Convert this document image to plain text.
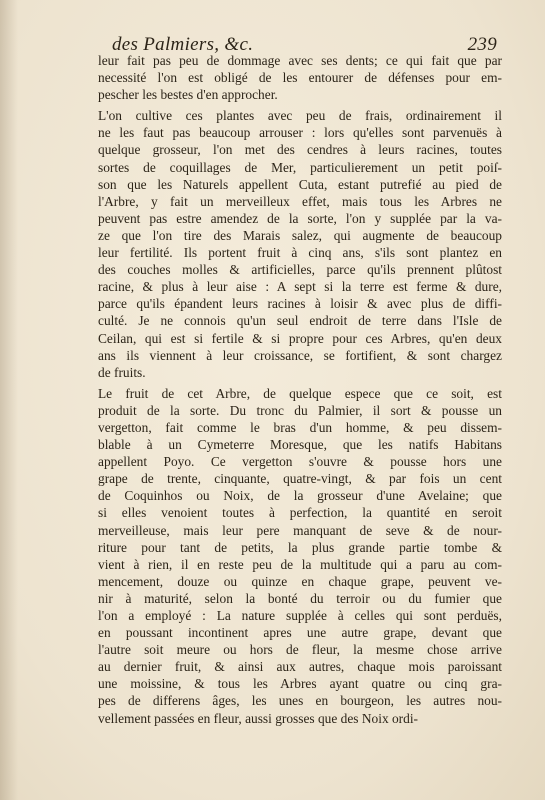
des Palmiers, &c.	239
leur fait pas peu de dommage avec ses dents; ce qui fait que par
necessité l'on est obligé de les entourer de défenses pour em-
pescher les bestes d'en approcher.
L'on cultive ces plantes avec peu de frais, ordinairement il
ne les faut pas beaucoup arrouser : lors qu'elles sont parvenuës à
quelque grosseur, l'on met des cendres à leurs racines, toutes
sortes de coquillages de Mer, particulierement un petit poiſ-
son que les Naturels appellent Cuta, estant putrefié au pied de
l'Arbre, y fait un merveilleux effet, mais tous les Arbres ne
peuvent pas estre amendez de la sorte, l'on y supplée par la va-
ze que l'on tire des Marais salez, qui augmente de beaucoup
leur fertilité. Ils portent fruit à cinq ans, s'ils sont plantez en
des couches molles & artificielles, parce qu'ils prennent plûtost
racine, & plus à leur aise : A sept si la terre est ferme & dure,
parce qu'ils épandent leurs racines à loisir & avec plus de diffi-
culté. Je ne connois qu'un seul endroit de terre dans l'Isle de
Ceilan, qui est si fertile & si propre pour ces Arbres, qu'en deux
ans ils viennent à leur croissance, se fortifient, & sont chargez
de fruits.
Le fruit de cet Arbre, de quelque espece que ce soit, est
produit de la sorte. Du tronc du Palmier, il sort & pousse un
vergetton, fait comme le bras d'un homme, & peu dissem-
blable à un Cymeterre Moresque, que les natifs Habitans
appellent Poyo. Ce vergetton s'ouvre & pousse hors une
grape de trente, cinquante, quatre-vingt, & par fois un cent
de Coquinhos ou Noix, de la grosseur d'une Avelaine; que
si elles venoient toutes à perfection, la quantité en seroit
merveilleuse, mais leur pere manquant de seve & de nour-
riture pour tant de petits, la plus grande partie tombe &
vient à rien, il en reste peu de la multitude qui a paru au com-
mencement, douze ou quinze en chaque grape, peuvent ve-
nir à maturité, selon la bonté du terroir ou du fumier que
l'on a employé : La nature supplée à celles qui sont perduës,
en poussant incontinent apres une autre grape, devant que
l'autre soit meure ou hors de fleur, la mesme chose arrive
au dernier fruit, & ainsi aux autres, chaque mois paroissant
une moissine, & tous les Arbres ayant quatre ou cinq gra-
pes de differens âges, les unes en bourgeon, les autres nou-
vellement passées en fleur, aussi grosses que des Noix ordi-
